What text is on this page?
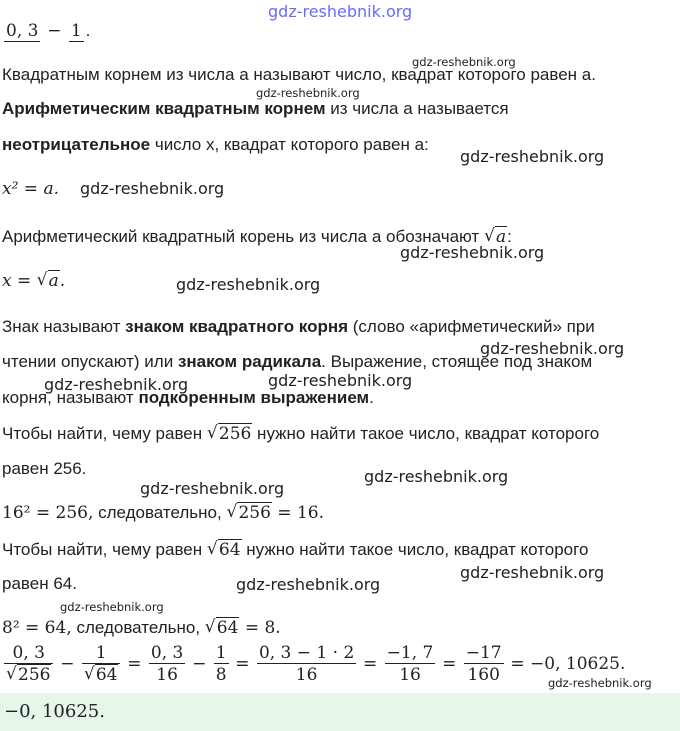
gdz-reshebnik.org
0, 3 − 1 .
gdz-reshebnik.org
Квадратным корнем из числа a называют число, квадрат которого равен a.
gdz-reshebnik.org
Арифметическим квадратным корнем из числа a называется
неотрицательное число x, квадрат которого равен a:
gdz-reshebnik.org
x² = a. gdz-reshebnik.org
Арифметический квадратный корень из числа a обозначают √ a:
gdz-reshebnik.org
x = √ a.	gdz-reshebnik.org
Знак называют знаком квадратного корня (слово «арифметический» при
gdz-reshebnik.org
чтении опускают) или знаком радикала. Выражение, стоящее под знаком
gdz-reshebnik.org
gdz-reshebnik.org
корня, называют подкоренным выражением.
Чтобы найти, чему равен √ 256 нужно найти такое число, квадрат которого
равен 256.	gdz-reshebnik.org
gdz-reshebnik.org
16² = 256, следовательно, √ 256 = 16.
Чтобы найти, чему равен √ 64 нужно найти такое число, квадрат которого
gdz-reshebnik.org
равен 64.	gdz-reshebnik.org
gdz-reshebnik.org
8² = 64, следовательно, √ 64 = 8.
0, 3
√ 256 − 1
√ $64 = \frac{0, 3}{16} - \frac{1}{8} = \frac{0, 3 - 1 \cdot 2}{16} = \frac{-1, 7}{16} = \frac{-17}{160} = -0$, 10625.
gdz-reshebnik.org
−0, 10625.
